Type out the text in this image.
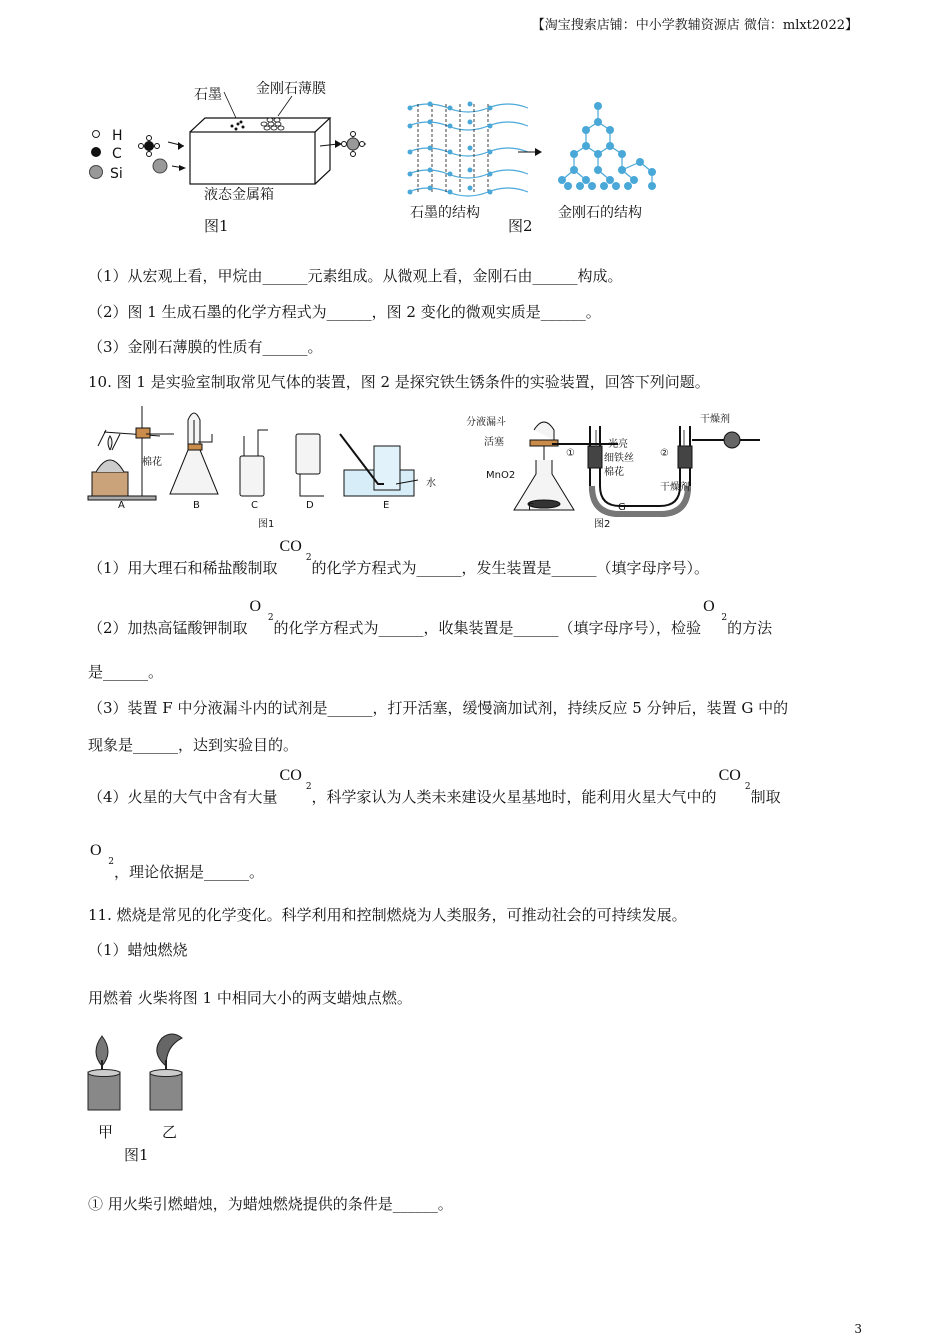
【淘宝搜索店铺：中小学教辅资源店 微信：mlxt2022】
H
C
Si
石墨 金刚石薄膜
液态金属箱
图1
石墨的结构
图2
金刚石的结构
（1）从宏观上看，甲烷由______元素组成。从微观上看，金刚石由______构成。
（2）图 1 生成石墨的化学方程式为______，图 2 变化的微观实质是______。
（3）金刚石薄膜的性质有______。
10. 图 1 是实验室制取常见气体的装置，图 2 是探究铁生锈条件的实验装置，回答下列问题。
棉花
水
A	B	C	D	E
图1
分液漏斗
活塞
MnO2
光亮
细铁丝
棉花
干燥剂
干燥剂
①	②
F	G
图2
（1）用大理石和稀盐酸制取
CO
2
的化学方程式为______，发生装置是______（填字母序号）。
（2）加热高锰酸钾制取
O
2
的化学方程式为______，收集装置是______（填字母序号），检验
O
2
的方法
是______。
（3）装置 F 中分液漏斗内的试剂是______，打开活塞，缓慢滴加试剂，持续反应 5 分钟后，装置 G 中的
现象是______，达到实验目的。
（4）火星的大气中含有大量
CO
2
，科学家认为人类未来建设火星基地时，能利用火星大气中的
CO
2
制取
O
2
，理论依据是______。
11. 燃烧是常见的化学变化。科学利用和控制燃烧为人类服务，可推动社会的可持续发展。
（1）蜡烛燃烧
用燃着 火柴将图 1 中相同大小的两支蜡烛点燃。
甲	乙
图1
① 用火柴引燃蜡烛，为蜡烛燃烧提供的条件是______。
3
